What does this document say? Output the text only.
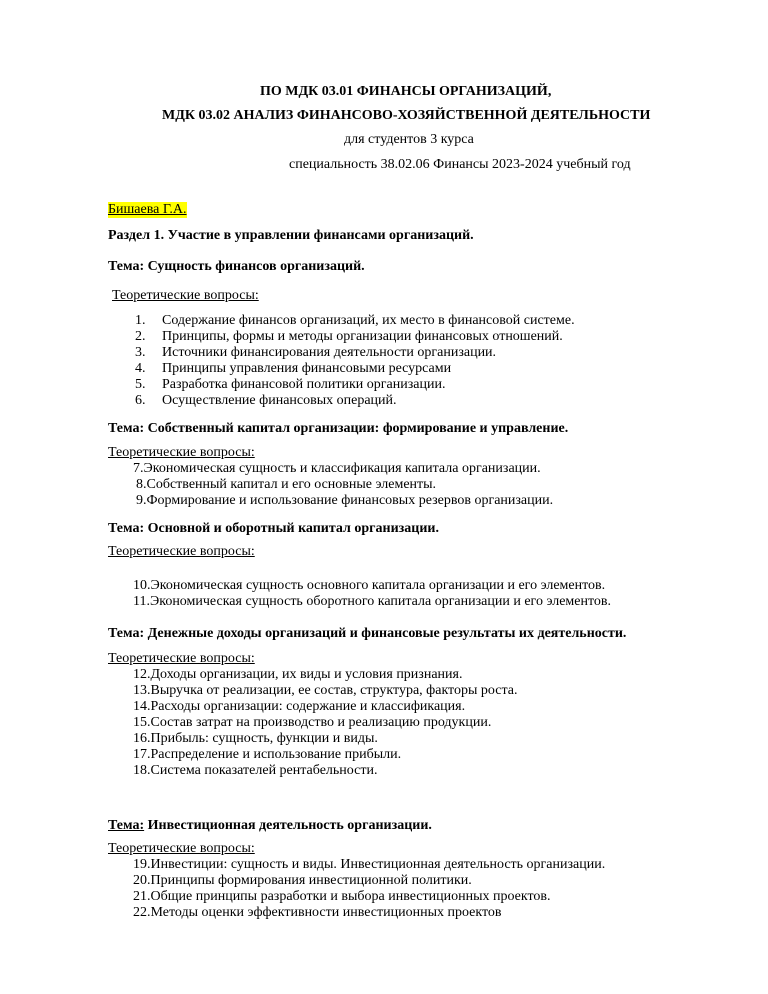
ПО МДК 03.01 ФИНАНСЫ ОРГАНИЗАЦИЙ,
МДК 03.02 АНАЛИЗ ФИНАНСОВО-ХОЗЯЙСТВЕННОЙ ДЕЯТЕЛЬНОСТИ
для студентов 3 курса
специальность 38.02.06 Финансы 2023-2024 учебный год
Бишаева Г.А.
Раздел 1. Участие в управлении финансами организаций.
Тема: Сущность финансов организаций.
Теоретические вопросы:
1. Содержание финансов организаций, их место в финансовой системе.
2. Принципы, формы и методы организации финансовых отношений.
3. Источники финансирования деятельности организации.
4. Принципы управления финансовыми ресурсами
5. Разработка финансовой политики организации.
6. Осуществление финансовых операций.
Тема: Собственный капитал организации: формирование и управление.
Теоретические вопросы:
7.Экономическая сущность и классификация капитала организации.
8.Собственный капитал и его основные элементы.
9.Формирование и использование финансовых резервов организации.
Тема: Основной и оборотный капитал организации.
Теоретические вопросы:
10.Экономическая сущность основного капитала организации и его элементов.
11.Экономическая сущность оборотного капитала организации и его элементов.
Тема: Денежные доходы организаций и финансовые результаты их деятельности.
Теоретические вопросы:
12.Доходы организации, их виды и условия признания.
13.Выручка от реализации, ее состав, структура, факторы роста.
14.Расходы организации: содержание и классификация.
15.Состав затрат на производство и реализацию продукции.
16.Прибыль: сущность, функции и виды.
17.Распределение и использование прибыли.
18.Система показателей рентабельности.
Тема: Инвестиционная деятельность организации.
Теоретические вопросы:
19.Инвестиции: сущность и виды. Инвестиционная деятельность организации.
20.Принципы формирования инвестиционной политики.
21.Общие принципы разработки и выбора инвестиционных проектов.
22.Методы оценки эффективности инвестиционных проектов
